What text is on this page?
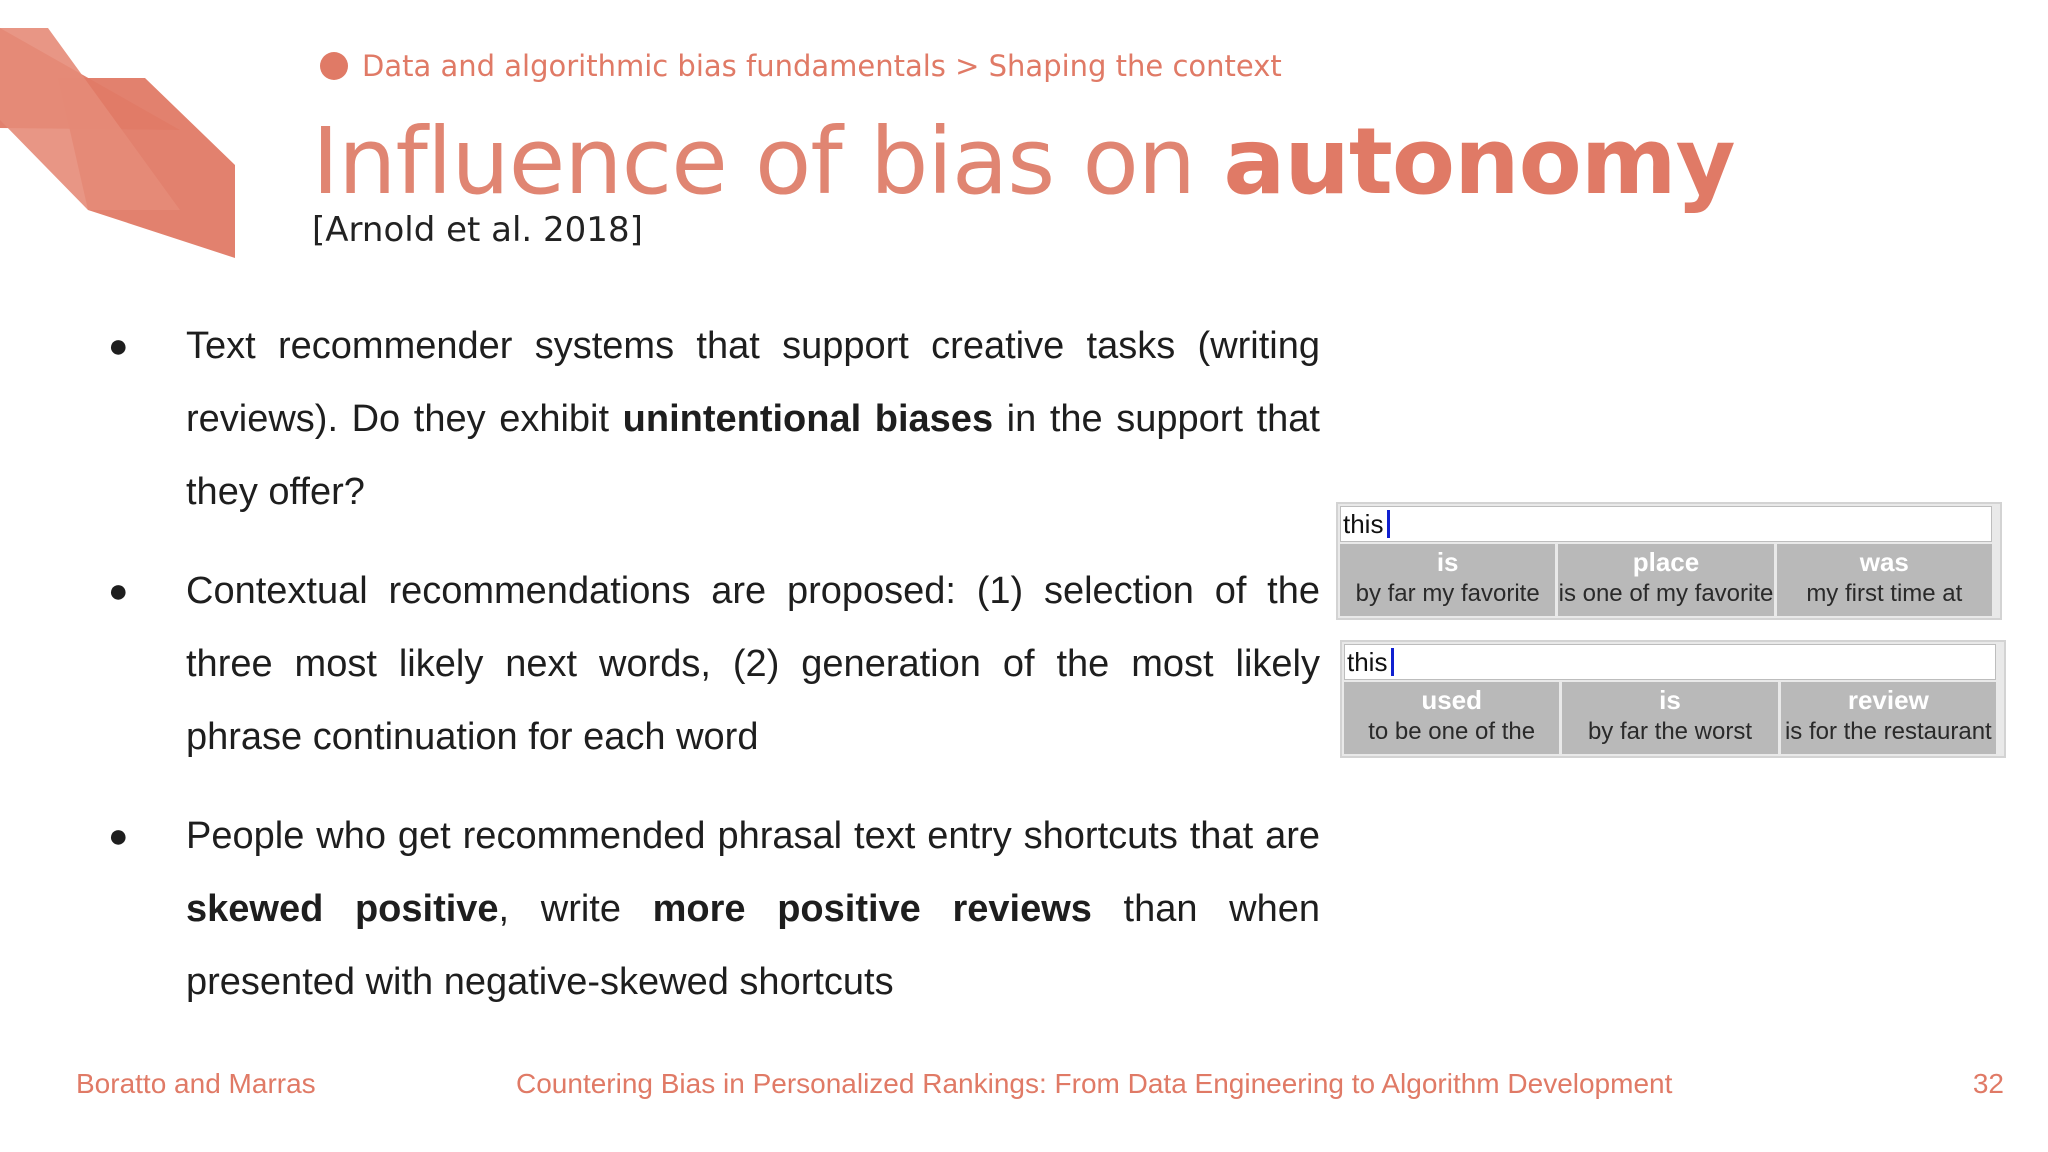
Data and algorithmic bias fundamentals > Shaping the context
Influence of bias on autonomy
[Arnold et al. 2018]
● Text recommender systems that support creative tasks (writing reviews). Do they exhibit unintentional biases in the support that they offer?
● Contextual recommendations are proposed: (1) selection of the three most likely next words, (2) generation of the most likely phrase continuation for each word
● People who get recommended phrasal text entry shortcuts that are skewed positive, write more positive reviews than when presented with negative-skewed shortcuts
this
is
by far my favorite
place
is one of my favorite
was
my first time at
this
used
to be one of the
is
by far the worst
review
is for the restaurant
Boratto and Marras	Countering Bias in Personalized Rankings: From Data Engineering to Algorithm Development	32
